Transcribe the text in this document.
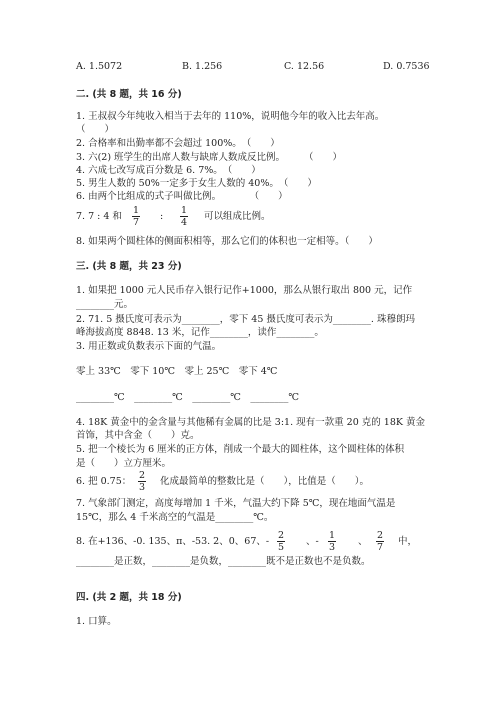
A. 1.5072	B. 1.256	C. 12.56	D. 0.7536
二. (共 8 题，共 16 分)
1. 王叔叔今年纯收入相当于去年的 110%，说明他今年的收入比去年高。
（　　）
2. 合格率和出勤率都不会超过 100%。　（　　）
3. 六(2) 班学生的出席人数与缺席人数成反比例。　　　（　　）
4. 六成七改写成百分数是 6. 7%。　（　　）
5. 男生人数的 50%一定多于女生人数的 40%。　（　　）
6. 由两个比组成的式子叫做比例。　　　　（　　）
7. 7 : 4 和 $\frac{1}{7}$ : $\frac{1}{4}$ 可以组成比例。
8. 如果两个圆柱体的侧面积相等，那么它们的体积也一定相等。（　　）
三. (共 8 题，共 23 分)
1. 如果把 1000 元人民币存入银行记作+1000，那么从银行取出 800 元，记作
________元。
2. 71. 5 摄氏度可表示为________，零下 45 摄氏度可表示为________. 珠穆朗玛
峰海拔高度 8848. 13 米，记作________，读作________。
3. 用正数或负数表示下面的气温。
零上 33℃　零下 10℃　零上 25℃　零下 4℃
________℃　________℃　________℃　________℃
4. 18K 黄金中的金含量与其他稀有金属的比是 3:1. 现有一款重 20 克的 18K 黄金
首饰，其中含金（　　）克。
5. 把一个棱长为 6 厘米的正方体，削成一个最大的圆柱体，这个圆柱体的体积
是（　　）立方厘米。
6. 把 0.75： $\frac{2}{3}$ 化成最简单的整数比是（　　），比值是（　　）。
7. 气象部门测定，高度每增加 1 千米，气温大约下降 5℃，现在地面气温是
15℃，那么 4 千米高空的气温是________℃。
8. 在+136、-0. 135、π、-53. 2、0、67、- $\frac{2}{5}$ 、- $\frac{1}{3}$ 、 $\frac{2}{7}$ 中，
________是正数，________是负数，________既不是正数也不是负数。
四. (共 2 题，共 18 分)
1. 口算。
